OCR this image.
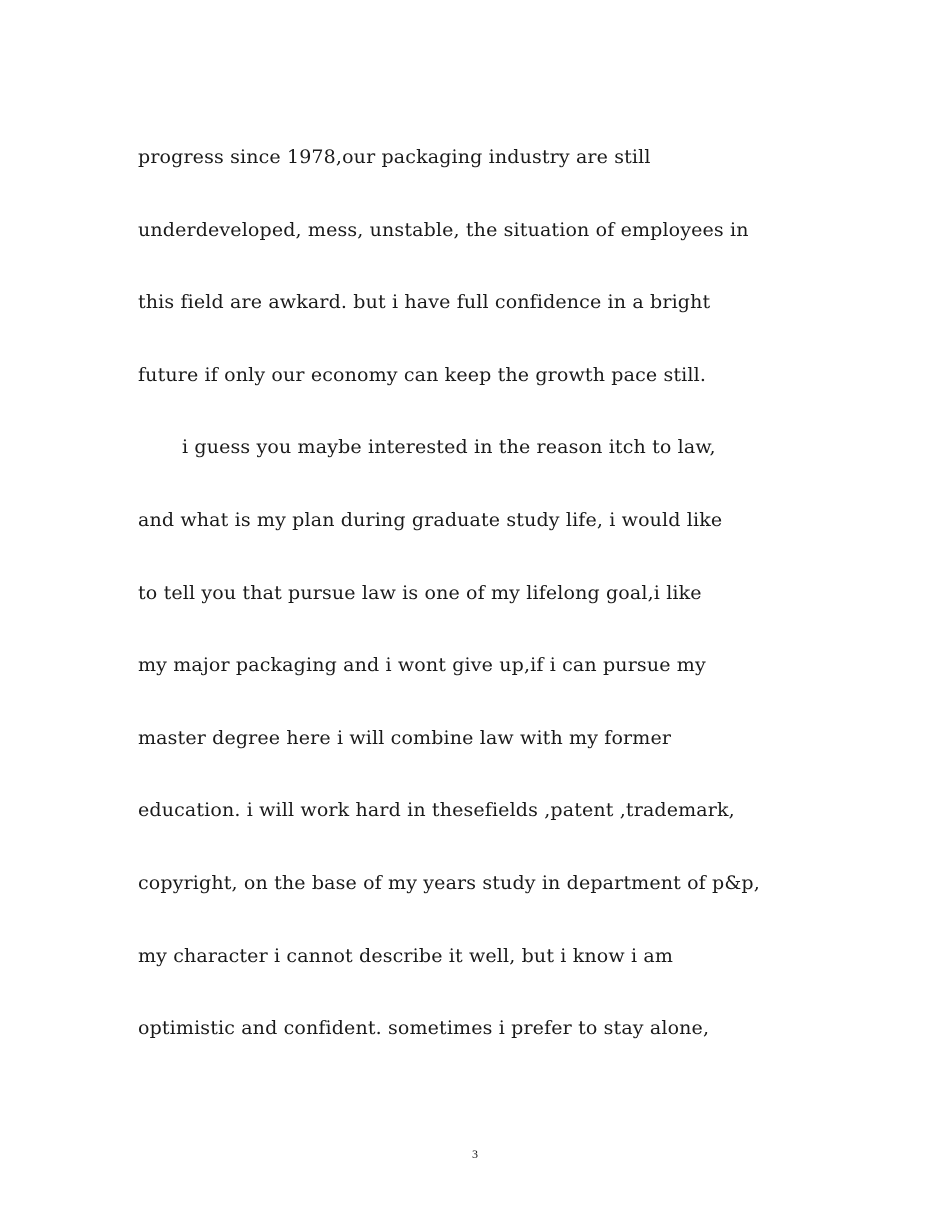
progress since 1978,our packaging industry are still
underdeveloped, mess, unstable, the situation of employees in
this field are awkard. but i have full confidence in a bright
future if only our economy can keep the growth pace still.
i guess you maybe interested in the reason itch to law,
and what is my plan during graduate study life, i would like
to tell you that pursue law is one of my lifelong goal,i like
my major packaging and i wont give up,if i can pursue my
master degree here i will combine law with my former
education. i will work hard in thesefields ,patent ,trademark,
copyright, on the base of my years study in department of p&p,
my character i cannot describe it well, but i know i am
optimistic and confident. sometimes i prefer to stay alone,
3
